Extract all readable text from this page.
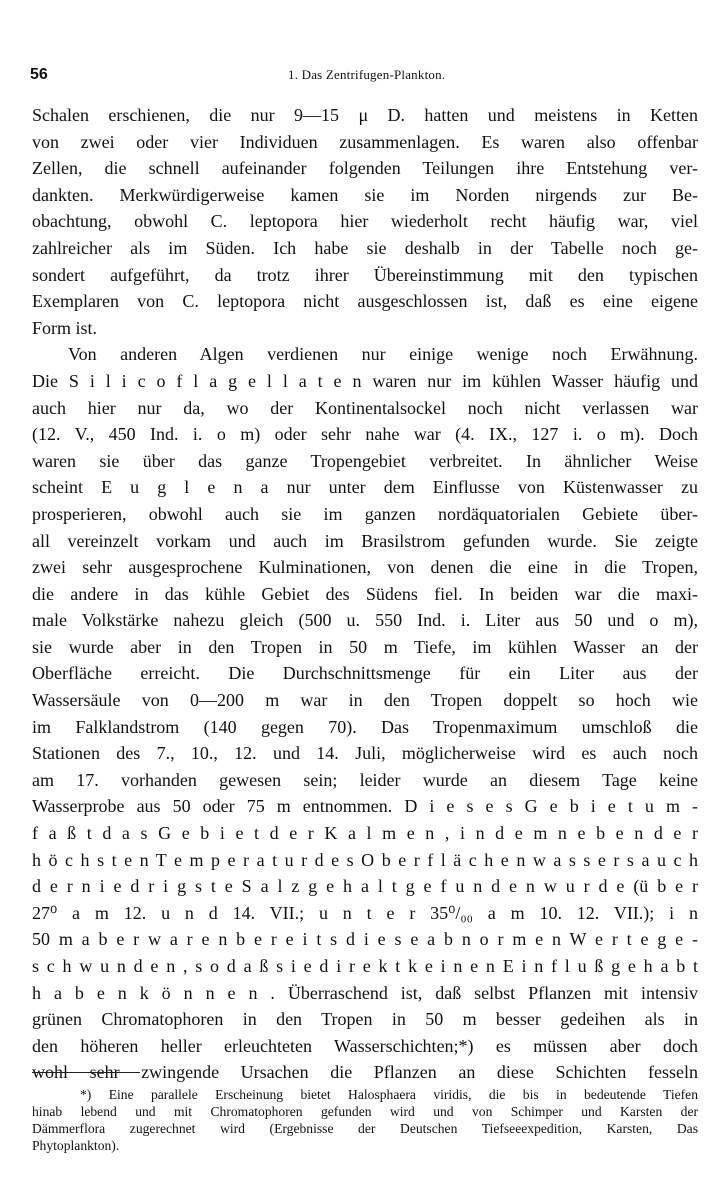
56	1. Das Zentrifugen-Plankton.
Schalen erschienen, die nur 9—15 μ D. hatten und meistens in Ketten
von zwei oder vier Individuen zusammenlagen. Es waren also offenbar
Zellen, die schnell aufeinander folgenden Teilungen ihre Entstehung ver-
dankten. Merkwürdigerweise kamen sie im Norden nirgends zur Be-
obachtung, obwohl C. leptopora hier wiederholt recht häufig war, viel
zahlreicher als im Süden. Ich habe sie deshalb in der Tabelle noch ge-
sondert aufgeführt, da trotz ihrer Übereinstimmung mit den typischen
Exemplaren von C. leptopora nicht ausgeschlossen ist, daß es eine eigene
Form ist.
Von anderen Algen verdienen nur einige wenige noch Erwähnung.
Die S i l i c o f l a g e l l a t e n waren nur im kühlen Wasser häufig und
auch hier nur da, wo der Kontinentalsockel noch nicht verlassen war
(12. V., 450 Ind. i. o m) oder sehr nahe war (4. IX., 127 i. o m). Doch
waren sie über das ganze Tropengebiet verbreitet. In ähnlicher Weise
scheint E u g l e n a nur unter dem Einflusse von Küstenwasser zu
prosperieren, obwohl auch sie im ganzen nordäquatorialen Gebiete über-
all vereinzelt vorkam und auch im Brasilstrom gefunden wurde. Sie zeigte
zwei sehr ausgesprochene Kulminationen, von denen die eine in die Tropen,
die andere in das kühle Gebiet des Südens fiel. In beiden war die maxi-
male Volkstärke nahezu gleich (500 u. 550 Ind. i. Liter aus 50 und o m),
sie wurde aber in den Tropen in 50 m Tiefe, im kühlen Wasser an der
Oberfläche erreicht. Die Durchschnittsmenge für ein Liter aus der
Wassersäule von 0—200 m war in den Tropen doppelt so hoch wie
im Falklandstrom (140 gegen 70). Das Tropenmaximum umschloß die
Stationen des 7., 10., 12. und 14. Juli, möglicherweise wird es auch noch
am 17. vorhanden gewesen sein; leider wurde an diesem Tage keine
Wasserprobe aus 50 oder 75 m entnommen. D i e s e s G e b i e t u m -
f a ß t d a s G e b i e t d e r K a l m e n , i n d e m n e b e n d e r
h ö c h s t e n T e m p e r a t u r d e s O b e r f l ä c h e n w a s s e r s a u c h
d e r n i e d r i g s t e S a l z g e h a l t g e f u n d e n w u r d e (ü b e r
27⁰ a m 12. u n d 14. VII.; u n t e r 35⁰/₀₀ a m 10. 12. VII.); i n
50 m a b e r w a r e n b e r e i t s d i e s e a b n o r m e n W e r t e g e -
s c h w u n d e n , s o d a ß s i e d i r e k t k e i n e n E i n f l u ß g e h a b t
h a b e n k ö n n e n . Überraschend ist, daß selbst Pflanzen mit intensiv
grünen Chromatophoren in den Tropen in 50 m besser gedeihen als in
den höheren heller erleuchteten Wasserschichten;*) es müssen aber doch
wohl sehr zwingende Ursachen die Pflanzen an diese Schichten fesseln
*) Eine parallele Erscheinung bietet Halosphaera viridis, die bis in bedeutende Tiefen
hinab lebend und mit Chromatophoren gefunden wird und von Schimper und Karsten der
Dämmerflora zugerechnet wird (Ergebnisse der Deutschen Tiefseeexpedition, Karsten, Das
Phytoplankton).
